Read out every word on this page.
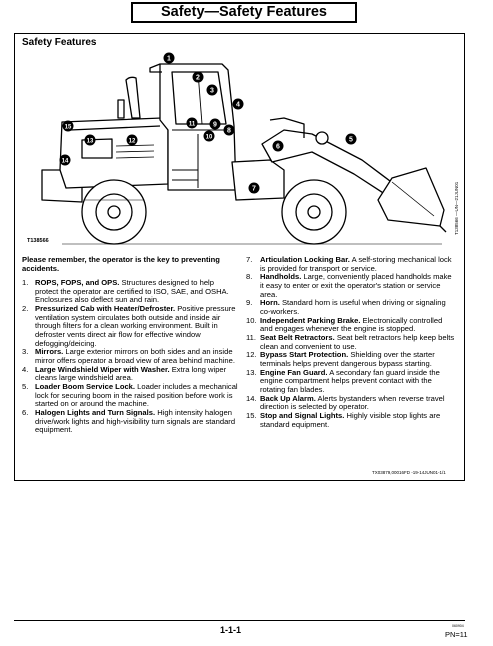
Safety—Safety Features
Safety Features
1
2
3
4
5
6
7
8
9
10
11
12
13
14
15
T138566
T138566 —UN—21JUN01

Please remember, the operator is the key to preventing accidents.

1. ROPS, FOPS, and OPS. Structures designed to help protect the operator are certified to ISO, SAE, and OSHA. Enclosures also deflect sun and rain.
2. Pressurized Cab with Heater/Defroster. Positive pressure ventilation system circulates both outside and inside air through filters for a clean working environment. Built in defroster vents direct air flow for effective window defogging/deicing.
3. Mirrors. Large exterior mirrors on both sides and an inside mirror offers operator a broad view of area behind machine.
4. Large Windshield Wiper with Washer. Extra long wiper cleans large windshield area.
5. Loader Boom Service Lock. Loader includes a mechanical lock for securing boom in the raised position before work is started on or around the machine.
6. Halogen Lights and Turn Signals. High intensity halogen drive/work lights and high-visibility turn signals are standard equipment.
7.	Articulation Locking Bar. A self-storing mechanical lock is provided for transport or service.
8.	Handholds. Large, conveniently placed handholds make it easy to enter or exit the operator's station or service area.
9.	Horn. Standard horn is useful when driving or signaling co-workers.
10. Independent Parking Brake. Electronically controlled and engages whenever the engine is stopped.
11. Seat Belt Retractors. Seat belt retractors help keep belts clean and convenient to use.
12. Bypass Start Protection. Shielding over the starter terminals helps prevent dangerous bypass starting.
13. Engine Fan Guard. A secondary fan guard inside the engine compartment helps prevent contact with the rotating fan blades.
14. Back Up Alarm. Alerts bystanders when reverse travel direction is selected by operator.
15. Stop and Signal Lights. Highly visible stop lights are standard equipment.
TX03879,00016FD -19-14JUN01-1/1
1-1-1	060904
PN=11
